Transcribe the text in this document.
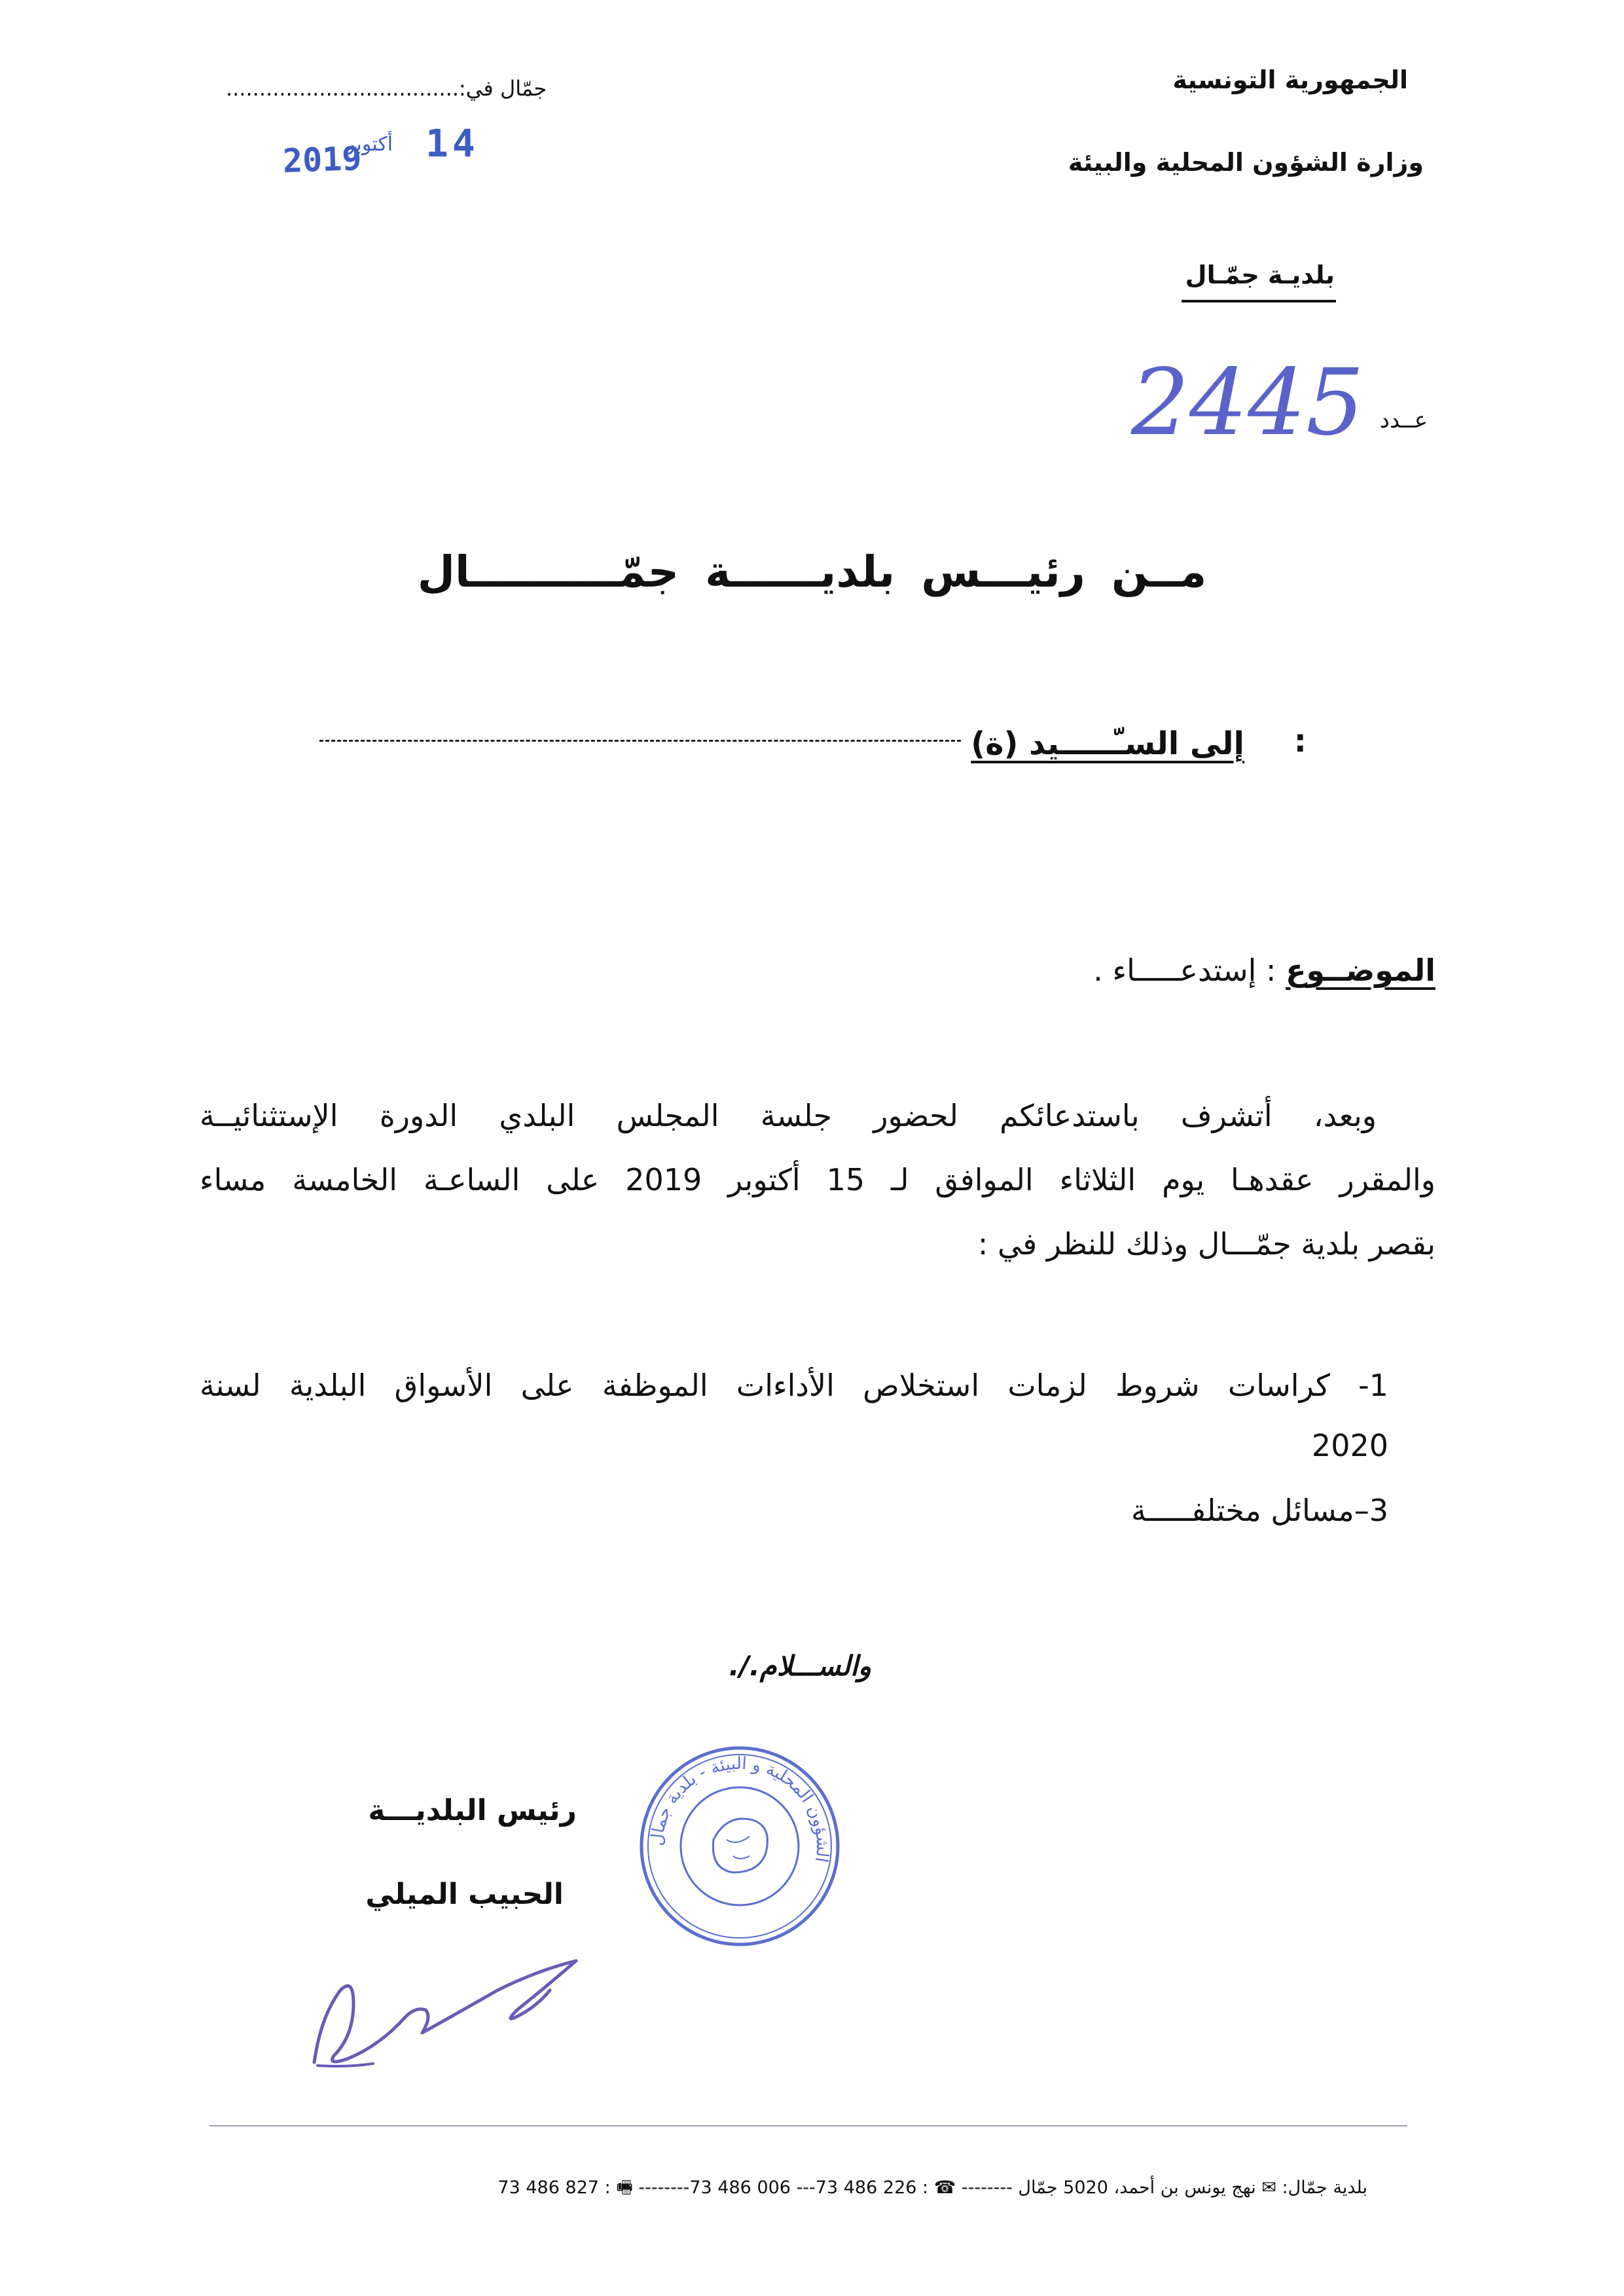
الجمهورية التونسية
وزارة الشؤون المحلية والبيئة
بلديـة جمّـال
عــدد
2445
جمّال في:...................................
14
أكتوبر
2019
مــنرئيـــسبلديــــــةجمّــــــــــال
إلى السـّـــــيد (ة) :
الموضــوع : إستدعـــــاء .
وبعد، أتشرف باستدعائكم لحضور جلسة المجلس البلدي الدورة الإستثنائيــة
والمقرر عقدهـا يوم الثلاثاء الموافق لـ 15 أكتوبر 2019 على الساعـة الخامسة مساء
بقصر بلدية جمّـــال وذلك للنظر في :
1- كراسات شروط لزمات استخلاص الأداءات الموظفة على الأسواق البلدية لسنة
2020
3–مسائل مختلفـــــة
والســـلام./.
رئيس البلديـــة
الحبيب الميلي
الشؤون المحلية و البيئة - بلدية جمال
بلدية جمّال: ✉ نهج يونس بن أحمد، 5020 جمّال -------- ☎ : 226 486 73--- 006 486 73-------- 🖷 : 827 486 73
